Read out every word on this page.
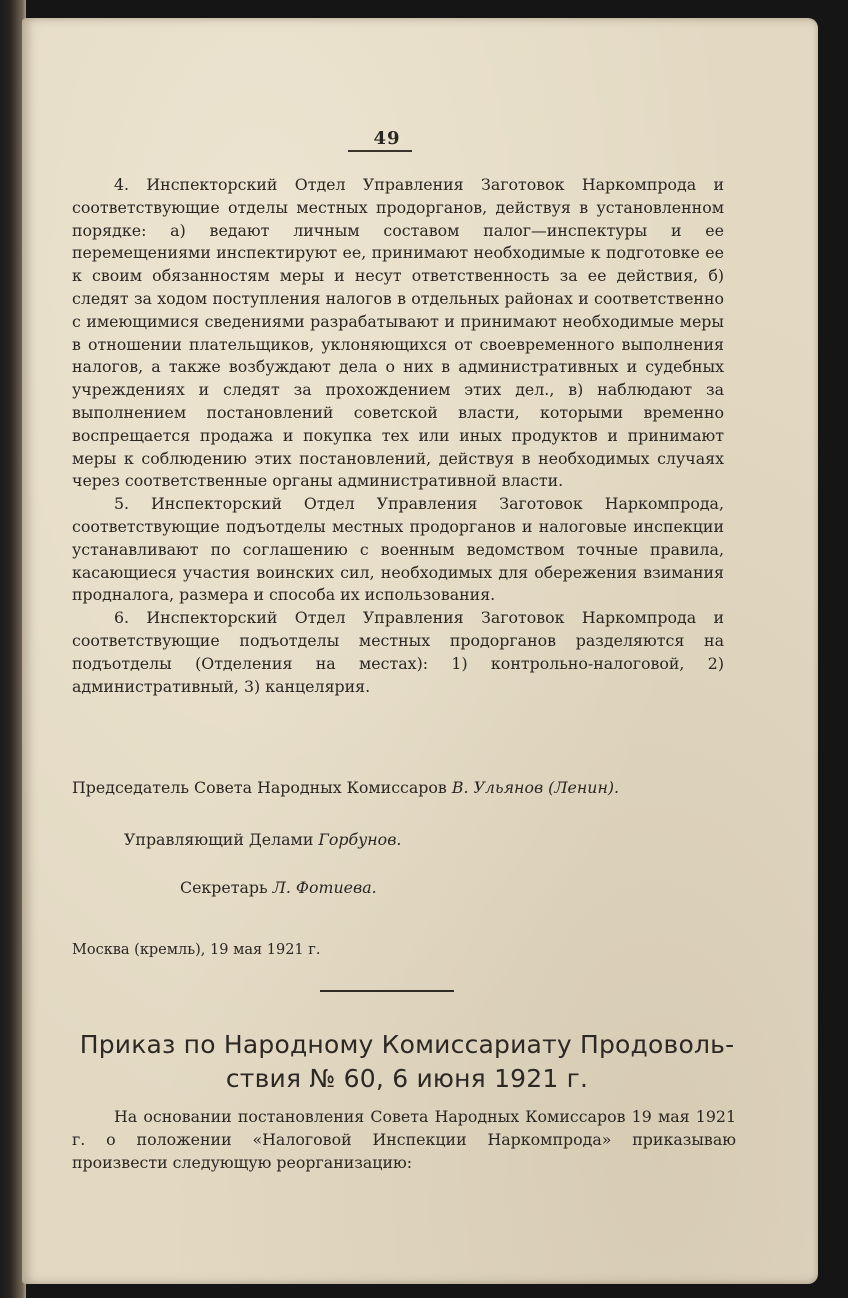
49

4. Инспекторский Отдел Управления Заготовок Наркомпрода и соответствующие отделы местных продорганов, действуя в установленном порядке: а) ведают личным составом палог—инспектуры и ее перемещениями инспектируют ее, принимают необходимые к подготовке ее к своим обязанностям меры и несут ответственность за ее действия, б) следят за ходом поступления налогов в отдельных районах и соответственно с имеющимися сведениями разрабатывают и принимают необходимые меры в отношении плательщиков, уклоняющихся от своевременного выполнения налогов, а также возбуждают дела о них в административных и судебных учреждениях и следят за прохождением этих дел., в) наблюдают за выполнением постановлений советской власти, которыми временно воспрещается продажа и покупка тех или иных продуктов и принимают меры к соблюдению этих постановлений, действуя в необходимых случаях через соответственные органы административной власти.

5. Инспекторский Отдел Управления Заготовок Наркомпрода, соответствующие подъотделы местных продорганов и налоговые инспекции устанавливают по соглашению с военным ведомством точные правила, касающиеся участия воинских сил, необходимых для обережения взимания продналога, размера и способа их использования.

6. Инспекторский Отдел Управления Заготовок Наркомпрода и соответствующие подъотделы местных продорганов разделяются на подъотделы (Отделения на местах): 1) контрольно-налоговой, 2) административный, 3) канцелярия.

Председатель Совета Народных Комиссаров В. Ульянов (Ленин).
Управляющий Делами Горбунов.
Секретарь Л. Фотиева.
Москва (кремль), 19 мая 1921 г.
Приказ по Народному Комиссариату Продоволь-
ствия № 60, 6 июня 1921 г.

На основании постановления Совета Народных Комиссаров 19 мая 1921 г. о положении «Налоговой Инспекции Наркомпрода» приказываю произвести следующую реорганизацию:
